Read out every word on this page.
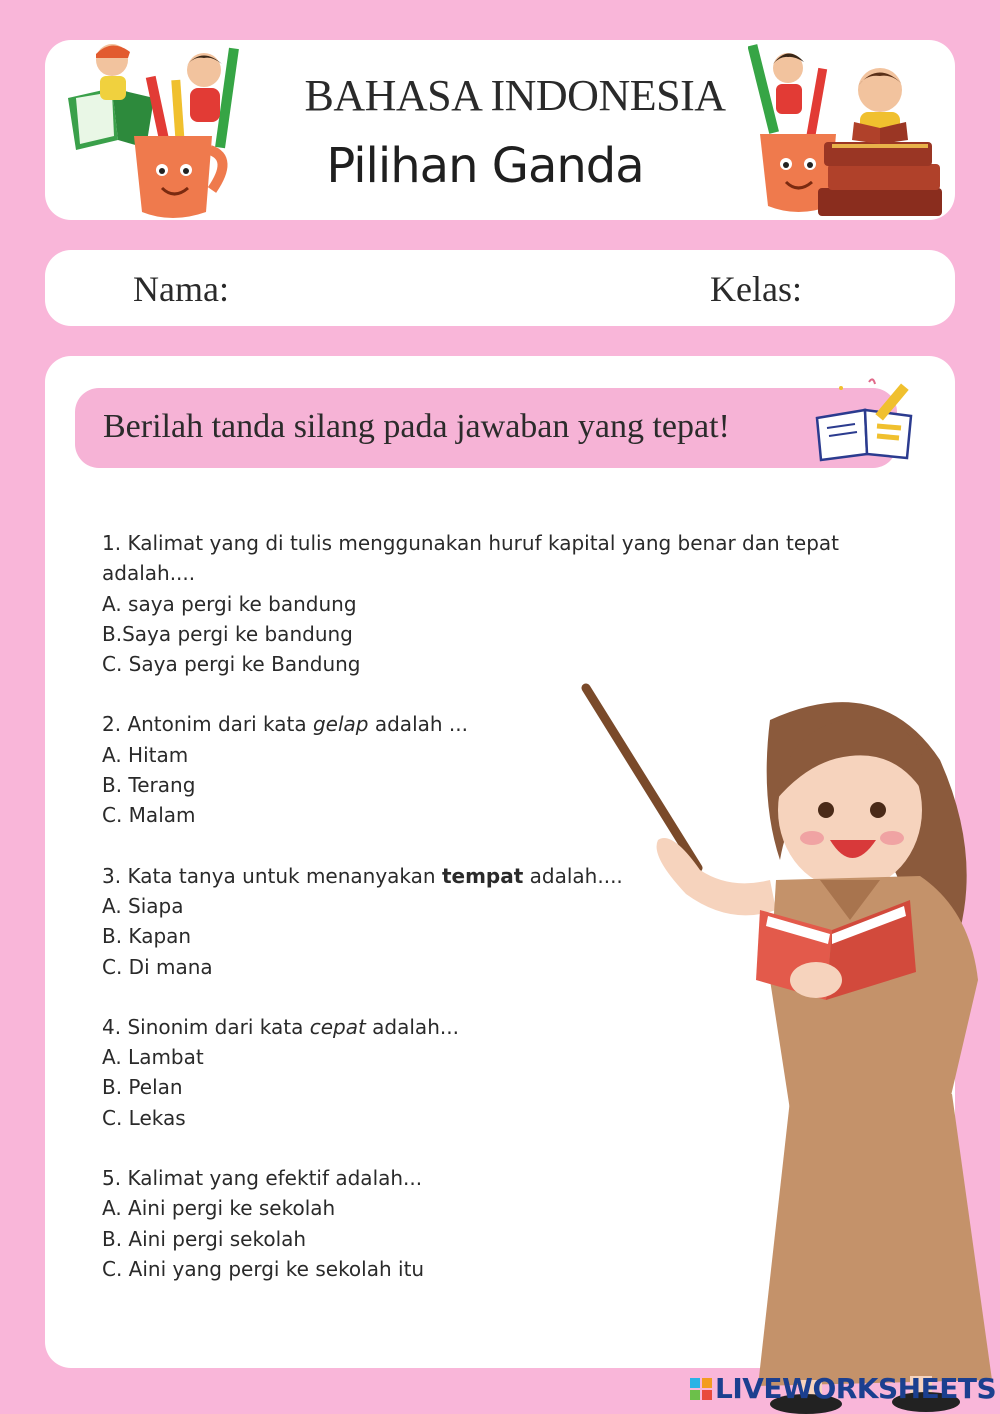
BAHASA INDONESIA
Pilihan Ganda
Nama:	Kelas:
Berilah tanda silang pada jawaban yang tepat!
1. Kalimat yang di tulis menggunakan huruf kapital yang benar dan tepat
adalah....
A. saya pergi ke bandung
B.Saya pergi ke bandung
C. Saya pergi ke Bandung
2. Antonim dari kata gelap adalah ...
A. Hitam
B. Terang
C. Malam
3. Kata tanya untuk menanyakan tempat adalah....
A. Siapa
B. Kapan
C. Di mana
4. Sinonim dari kata cepat adalah...
A. Lambat
B. Pelan
C. Lekas
5. Kalimat yang efektif adalah...
A. Aini pergi ke sekolah
B. Aini pergi sekolah
C. Aini yang pergi ke sekolah itu
LIVEWORKSHEETS
